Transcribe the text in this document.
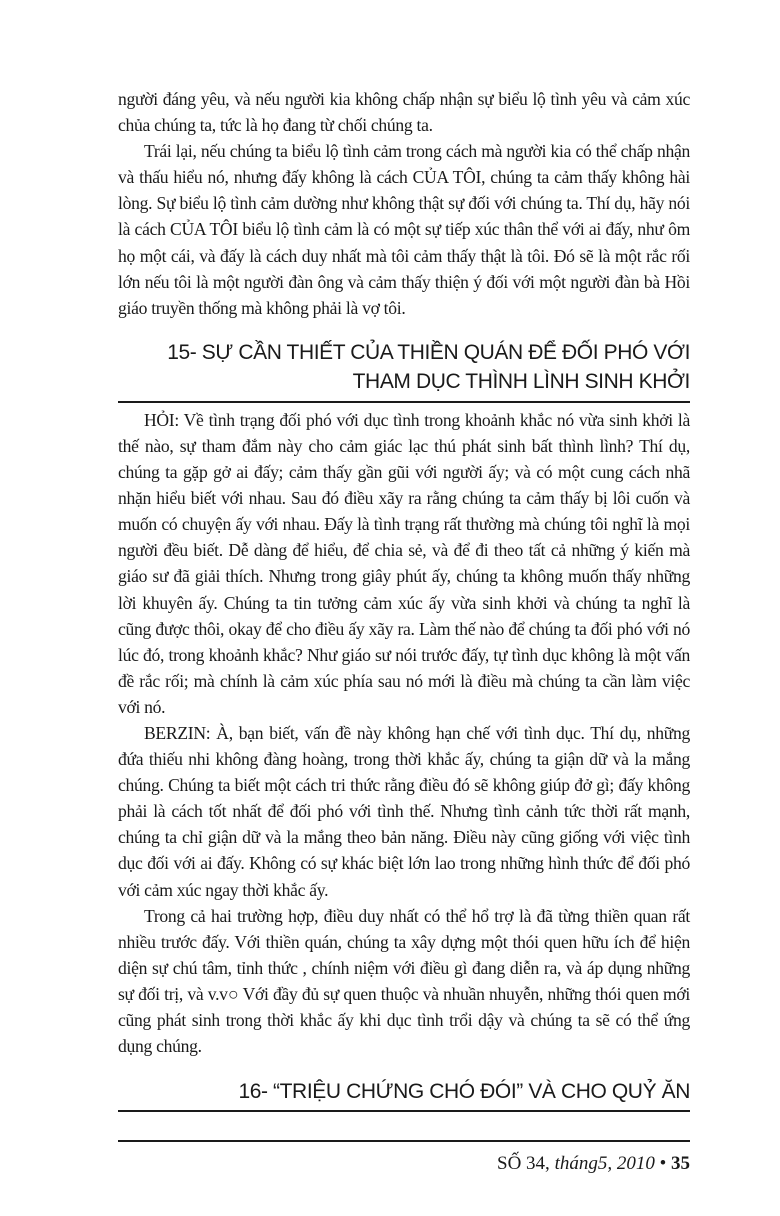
người đáng yêu, và nếu người kia không chấp nhận sự biểu lộ tình yêu và cảm xúc chủa chúng ta, tức là họ đang từ chối chúng ta.

Trái lại, nếu chúng ta biểu lộ tình cảm trong cách mà người kia có thể chấp nhận và thấu hiểu nó, nhưng đấy không là cách CỦA TÔI, chúng ta cảm thấy không hài lòng. Sự biểu lộ tình cảm dường như không thật sự đối với chúng ta. Thí dụ, hãy nói là cách CỦA TÔI biểu lộ tình cảm là có một sự tiếp xúc thân thể với ai đấy, như ôm họ một cái, và đấy là cách duy nhất mà tôi cảm thấy thật là tôi. Đó sẽ là một rắc rối lớn nếu tôi là một người đàn ông và cảm thấy thiện ý đối với một người đàn bà Hồi giáo truyền thống mà không phải là vợ tôi.

15- SỰ CẦN THIẾT CỦA THIỀN QUÁN ĐỂ ĐỐI PHÓ VỚI

THAM DỤC THÌNH LÌNH SINH KHỞI

HỎI: Về tình trạng đối phó với dục tình trong khoảnh khắc nó vừa sinh khởi là thế nào, sự tham đắm này cho cảm giác lạc thú phát sinh bất thình lình? Thí dụ, chúng ta gặp gở ai đấy; cảm thấy gần gũi với người ấy; và có một cung cách nhã nhặn hiểu biết với nhau. Sau đó điều xãy ra rằng chúng ta cảm thấy bị lôi cuốn và muốn có chuyện ấy với nhau. Đấy là tình trạng rất thường mà chúng tôi nghĩ là mọi người đều biết. Dễ dàng để hiểu, để chia sẻ, và để đi theo tất cả những ý kiến mà giáo sư đã giải thích. Nhưng trong giây phút ấy, chúng ta không muốn thấy những lời khuyên ấy. Chúng ta tin tưởng cảm xúc ấy vừa sinh khởi và chúng ta nghĩ là cũng được thôi, okay để cho điều ấy xãy ra. Làm thế nào để chúng ta đối phó với nó lúc đó, trong khoảnh khắc? Như giáo sư nói trước đấy, tự tình dục không là một vấn đề rắc rối; mà chính là cảm xúc phía sau nó mới là điều mà chúng ta cần làm việc với nó.

BERZIN: À, bạn biết, vấn đề này không hạn chế với tình dục. Thí dụ, những đứa thiếu nhi không đàng hoàng, trong thời khắc ấy, chúng ta giận dữ và la mắng chúng. Chúng ta biết một cách tri thức rằng điều đó sẽ không giúp đở gì; đấy không phải là cách tốt nhất để đối phó với tình thế. Nhưng tình cảnh tức thời rất mạnh, chúng ta chỉ giận dữ và la mắng theo bản năng. Điều này cũng giống với việc tình dục đối với ai đấy. Không có sự khác biệt lớn lao trong những hình thức để đối phó với cảm xúc ngay thời khắc ấy.

Trong cả hai trường hợp, điều duy nhất có thể hổ trợ là đã từng thiền quan rất nhiều trước đấy. Với thiền quán, chúng ta xây dựng một thói quen hữu ích để hiện diện sự chú tâm, tỉnh thức , chính niệm với điều gì đang diễn ra, và áp dụng những sự đối trị, và v.v○ Với đầy đủ sự quen thuộc và nhuần nhuyễn, những thói quen mới cũng phát sinh trong thời khắc ấy khi dục tình trổi dậy và chúng ta sẽ có thể ứng dụng chúng.

16- “TRIỆU CHỨNG CHÓ ĐÓI” VÀ CHO QUỶ ĂN

SỐ 34, tháng5, 2010 • 35
